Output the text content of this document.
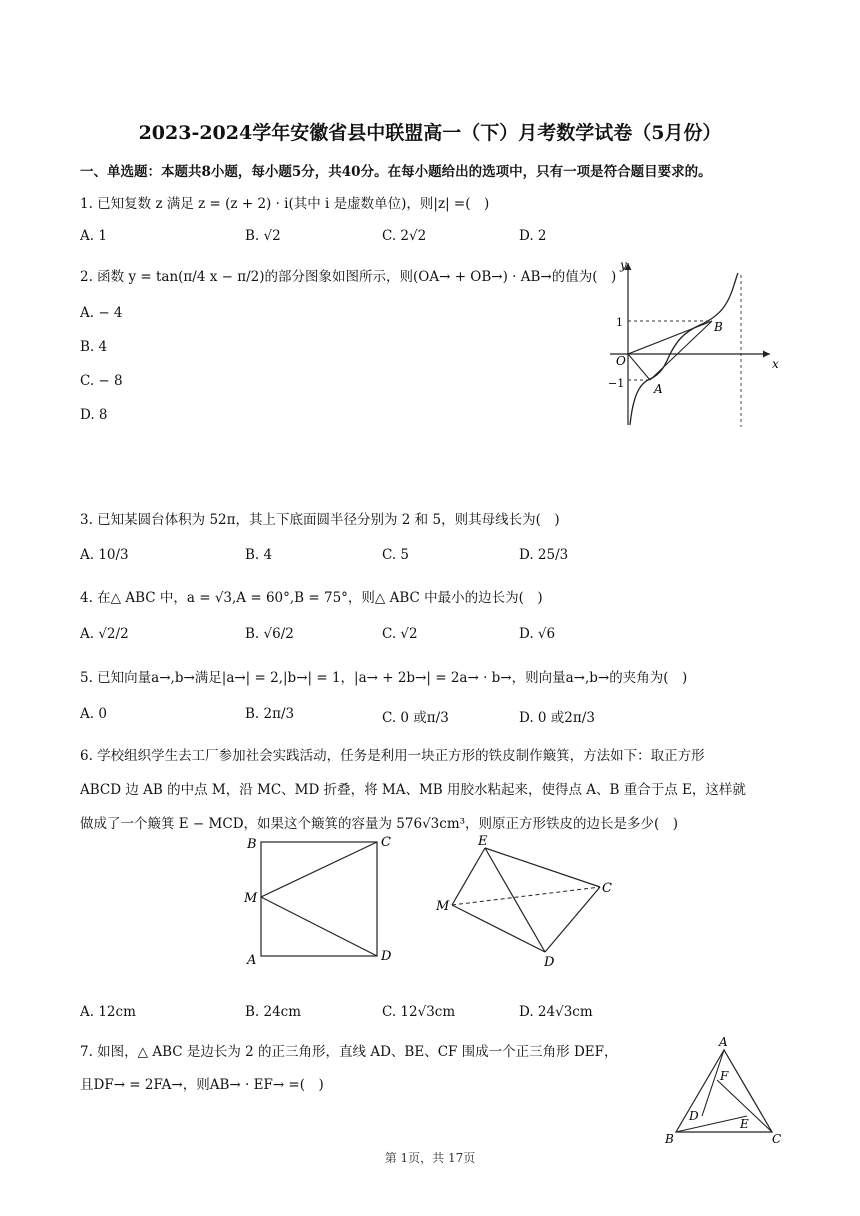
2023-2024学年安徽省县中联盟高一（下）月考数学试卷（5月份）
一、单选题：本题共8小题，每小题5分，共40分。在每小题给出的选项中，只有一项是符合题目要求的。
1. 已知复数 z 满足 z = (z + 2) · i(其中 i 是虚数单位)，则|z| =(　)
A. 1	B. √2	C. 2√2	D. 2
2. 函数 y = tan(π/4 x − π/2)的部分图象如图所示，则(OA→ + OB→) · AB→的值为(　)
A. − 4
B. 4
C. − 8
D. 8
y
x
O
1
−1
B
A
3. 已知某圆台体积为 52π，其上下底面圆半径分别为 2 和 5，则其母线长为(　)
A. 10/3	B. 4	C. 5	D. 25/3
4. 在△ ABC 中，a = √3,A = 60°,B = 75°，则△ ABC 中最小的边长为(　)
A. √2/2	B. √6/2	C. √2	D. √6
5. 已知向量a→,b→满足|a→| = 2,|b→| = 1，|a→ + 2b→| = 2a→ · b→，则向量a→,b→的夹角为(　)
A. 0	B. 2π/3	C. 0 或π/3	D. 0 或2π/3
6. 学校组织学生去工厂参加社会实践活动，任务是利用一块正方形的铁皮制作簸箕，方法如下：取正方形
ABCD 边 AB 的中点 M，沿 MC、MD 折叠，将 MA、MB 用胶水粘起来，使得点 A、B 重合于点 E，这样就
做成了一个簸箕 E − MCD，如果这个簸箕的容量为 576√3cm³，则原正方形铁皮的边长是多少(　)
B	C
M
A	D
E
C
M
D
A. 12cm	B. 24cm	C. 12√3cm	D. 24√3cm
7. 如图，△ ABC 是边长为 2 的正三角形，直线 AD、BE、CF 围成一个正三角形 DEF，
且DF→ = 2FA→，则AB→ · EF→ =(　)
A
B	C
D
E
F
第 1页，共 17页
